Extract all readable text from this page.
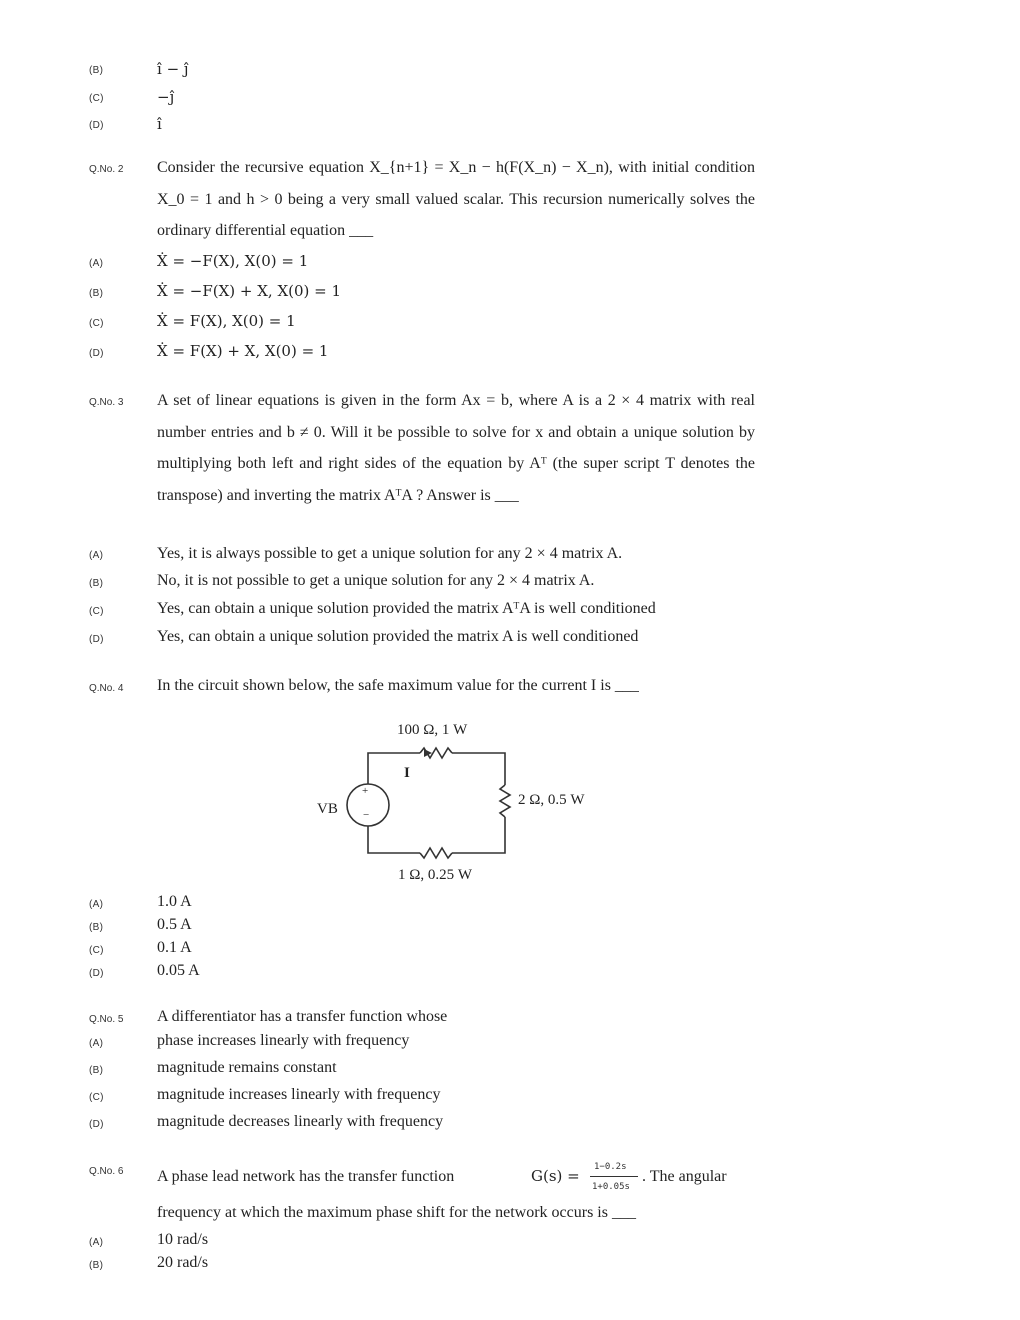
(B)	ı̂ − ȷ̂
(C)	−ȷ̂
(D)	ı̂
Q.No. 2 Consider the recursive equation X_{n+1} = X_n − h(F(X_n) − X_n), with initial condition X_0 = 1 and h > 0 being a very small valued scalar. This recursion numerically solves the ordinary differential equation ___
(A)	Ẋ = −F(X), X(0) = 1
(B)	Ẋ = −F(X) + X, X(0) = 1
(C)	Ẋ = F(X), X(0) = 1
(D)	Ẋ = F(X) + X, X(0) = 1
Q.No. 3 A set of linear equations is given in the form Ax = b, where A is a 2 × 4 matrix with real number entries and b ≠ 0. Will it be possible to solve for x and obtain a unique solution by multiplying both left and right sides of the equation by Aᵀ (the super script T denotes the transpose) and inverting the matrix AᵀA ? Answer is ___
(A)	Yes, it is always possible to get a unique solution for any 2 × 4 matrix A.
(B)	No, it is not possible to get a unique solution for any 2 × 4 matrix A.
(C)	Yes, can obtain a unique solution provided the matrix AᵀA is well conditioned
(D)	Yes, can obtain a unique solution provided the matrix A is well conditioned
Q.No. 4 In the circuit shown below, the safe maximum value for the current I is ___
100 Ω, 1 W
I
VB
+
−
2 Ω, 0.5 W
1 Ω, 0.25 W
(A)	1.0 A
(B)	0.5 A
(C)	0.1 A
(D)	0.05 A
Q.No. 5 A differentiator has a transfer function whose
(A)	phase increases linearly with frequency
(B)	magnitude remains constant
(C)	magnitude increases linearly with frequency
(D)	magnitude decreases linearly with frequency
Q.No. 6 A phase lead network has the transfer function	G(s) = 1−0.2s
1+0.05s
. The angular
frequency at which the maximum phase shift for the network occurs is ___
(A)	10 rad/s
(B)	20 rad/s
